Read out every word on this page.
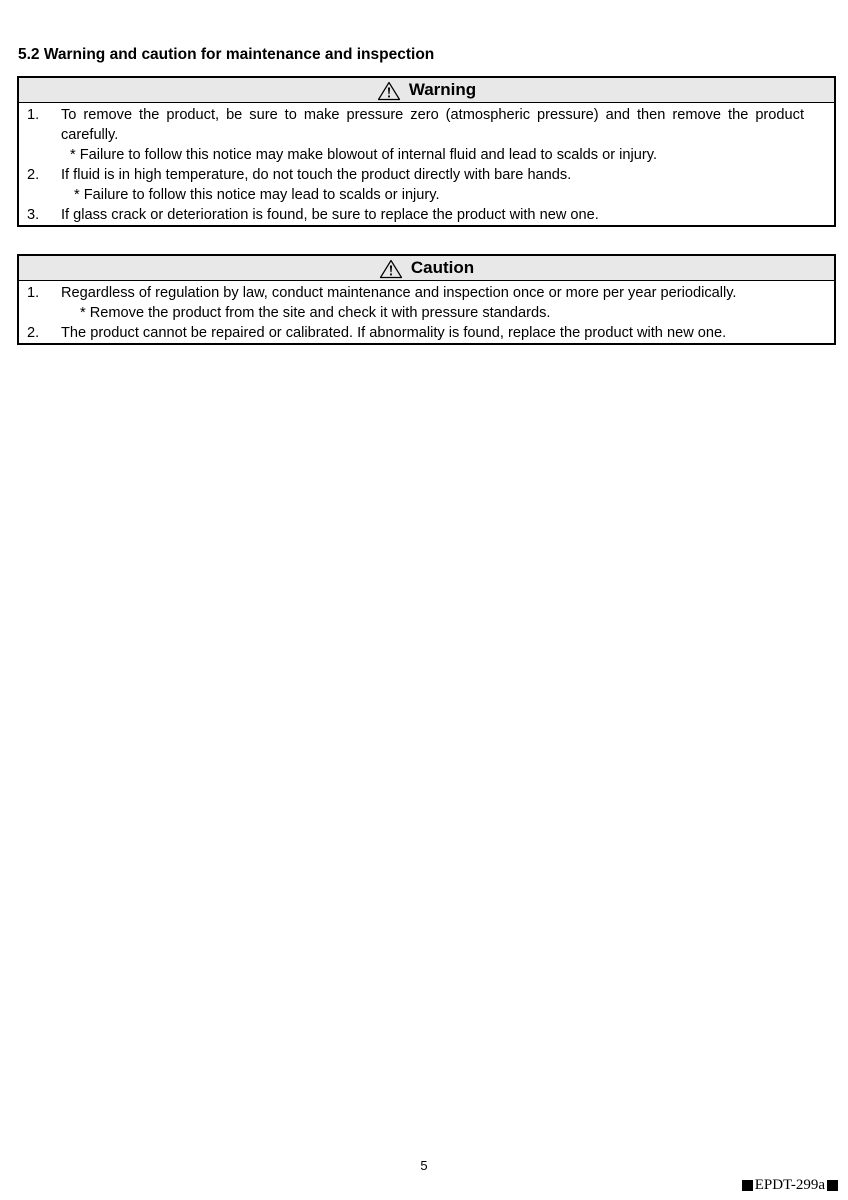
5.2 Warning and caution for maintenance and inspection
Warning
1. To remove the product, be sure to make pressure zero (atmospheric pressure) and then remove the product carefully.
* Failure to follow this notice may make blowout of internal fluid and lead to scalds or injury.
2. If fluid is in high temperature, do not touch the product directly with bare hands.
* Failure to follow this notice may lead to scalds or injury.
3. If glass crack or deterioration is found, be sure to replace the product with new one.
Caution
1. Regardless of regulation by law, conduct maintenance and inspection once or more per year periodically.
* Remove the product from the site and check it with pressure standards.
2. The product cannot be repaired or calibrated. If abnormality is found, replace the product with new one.
5
EPDT-299a
